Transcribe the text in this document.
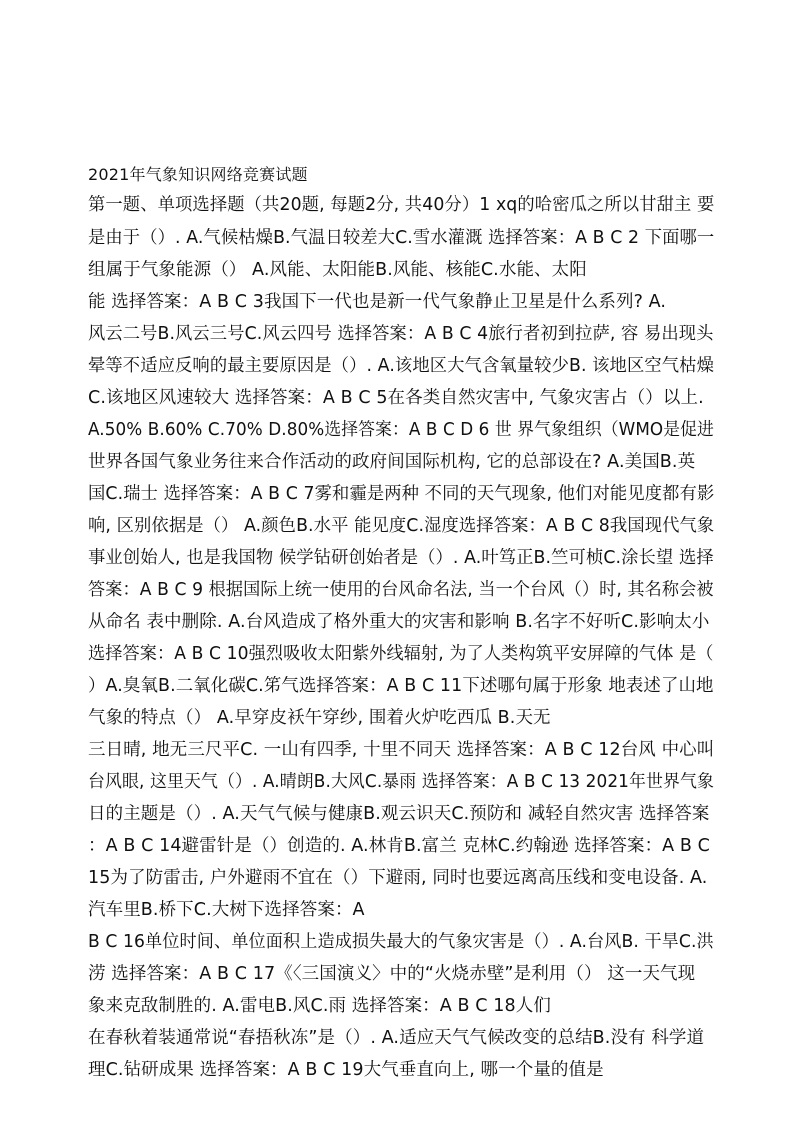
2021年气象知识网络竞赛试题
第一题、单项选择题（共20题, 每题2分, 共40分）1 xq的哈密瓜之所以甘甜主 要
是由于（）. A.气候枯燥B.气温日较差大C.雪水灌溉 选择答案：A B C 2 下面哪一
组属于气象能源（） A.风能、太阳能B.风能、核能C.水能、太阳
能 选择答案：A B C 3我国下一代也是新一代气象静止卫星是什么系列? A.
风云二号B.风云三号C.风云四号 选择答案：A B C 4旅行者初到拉萨, 容 易出现头
晕等不适应反响的最主要原因是（）. A.该地区大气含氧量较少B. 该地区空气枯燥
C.该地区风速较大 选择答案：A B C 5在各类自然灾害中, 气象灾害占（）以上.
A.50% B.60% C.70% D.80%选择答案：A B C D 6 世 界气象组织（WMO是促进
世界各国气象业务往来合作活动的政府间国际机构, 它的总部设在? A.美国B.英
国C.瑞士 选择答案：A B C 7雾和霾是两种 不同的天气现象, 他们对能见度都有影
响, 区别依据是（） A.颜色B.水平 能见度C.湿度选择答案：A B C 8我国现代气象
事业创始人, 也是我国物 候学钻研创始者是（）. A.叶笃正B.竺可桢C.涂长望 选择
答案：A B C 9 根据国际上统一使用的台风命名法, 当一个台风（）时, 其名称会被
从命名 表中删除. A.台风造成了格外重大的灾害和影响 B.名字不好听C.影响太小
选择答案：A B C 10强烈吸收太阳紫外线辐射, 为了人类构筑平安屏障的气体 是（
）A.臭氧B.二氧化碳C.笫气选择答案：A B C 11下述哪句属于形象 地表述了山地
气象的特点（） A.早穿皮袄午穿纱, 围着火炉吃西瓜 B.天无
三日晴, 地无三尺平C. 一山有四季, 十里不同天 选择答案：A B C 12台风 中心叫
台风眼, 这里天气（）. A.晴朗B.大风C.暴雨 选择答案：A B C 13 2021年世界气象
日的主题是（）. A.天气气候与健康B.观云识天C.预防和 减轻自然灾害 选择答案
：A B C 14避雷针是（）创造的. A.林肯B.富兰 克林C.约翰逊 选择答案：A B C
15为了防雷击, 户外避雨不宜在（）下避雨, 同时也要远离高压线和变电设备. A.
汽车里B.桥下C.大树下选择答案：A
B C 16单位时间、单位面积上造成损失最大的气象灾害是（）. A.台风B. 干旱C.洪
涝 选择答案：A B C 17《〈三国演义〉中的“火烧赤壁”是利用（） 这一天气现
象来克敌制胜的. A.雷电B.风C.雨 选择答案：A B C 18人们
在春秋着装通常说“春捂秋冻”是（）. A.适应天气气候改变的总结B.没有 科学道
理C.钻研成果 选择答案：A B C 19大气垂直向上, 哪一个量的值是
